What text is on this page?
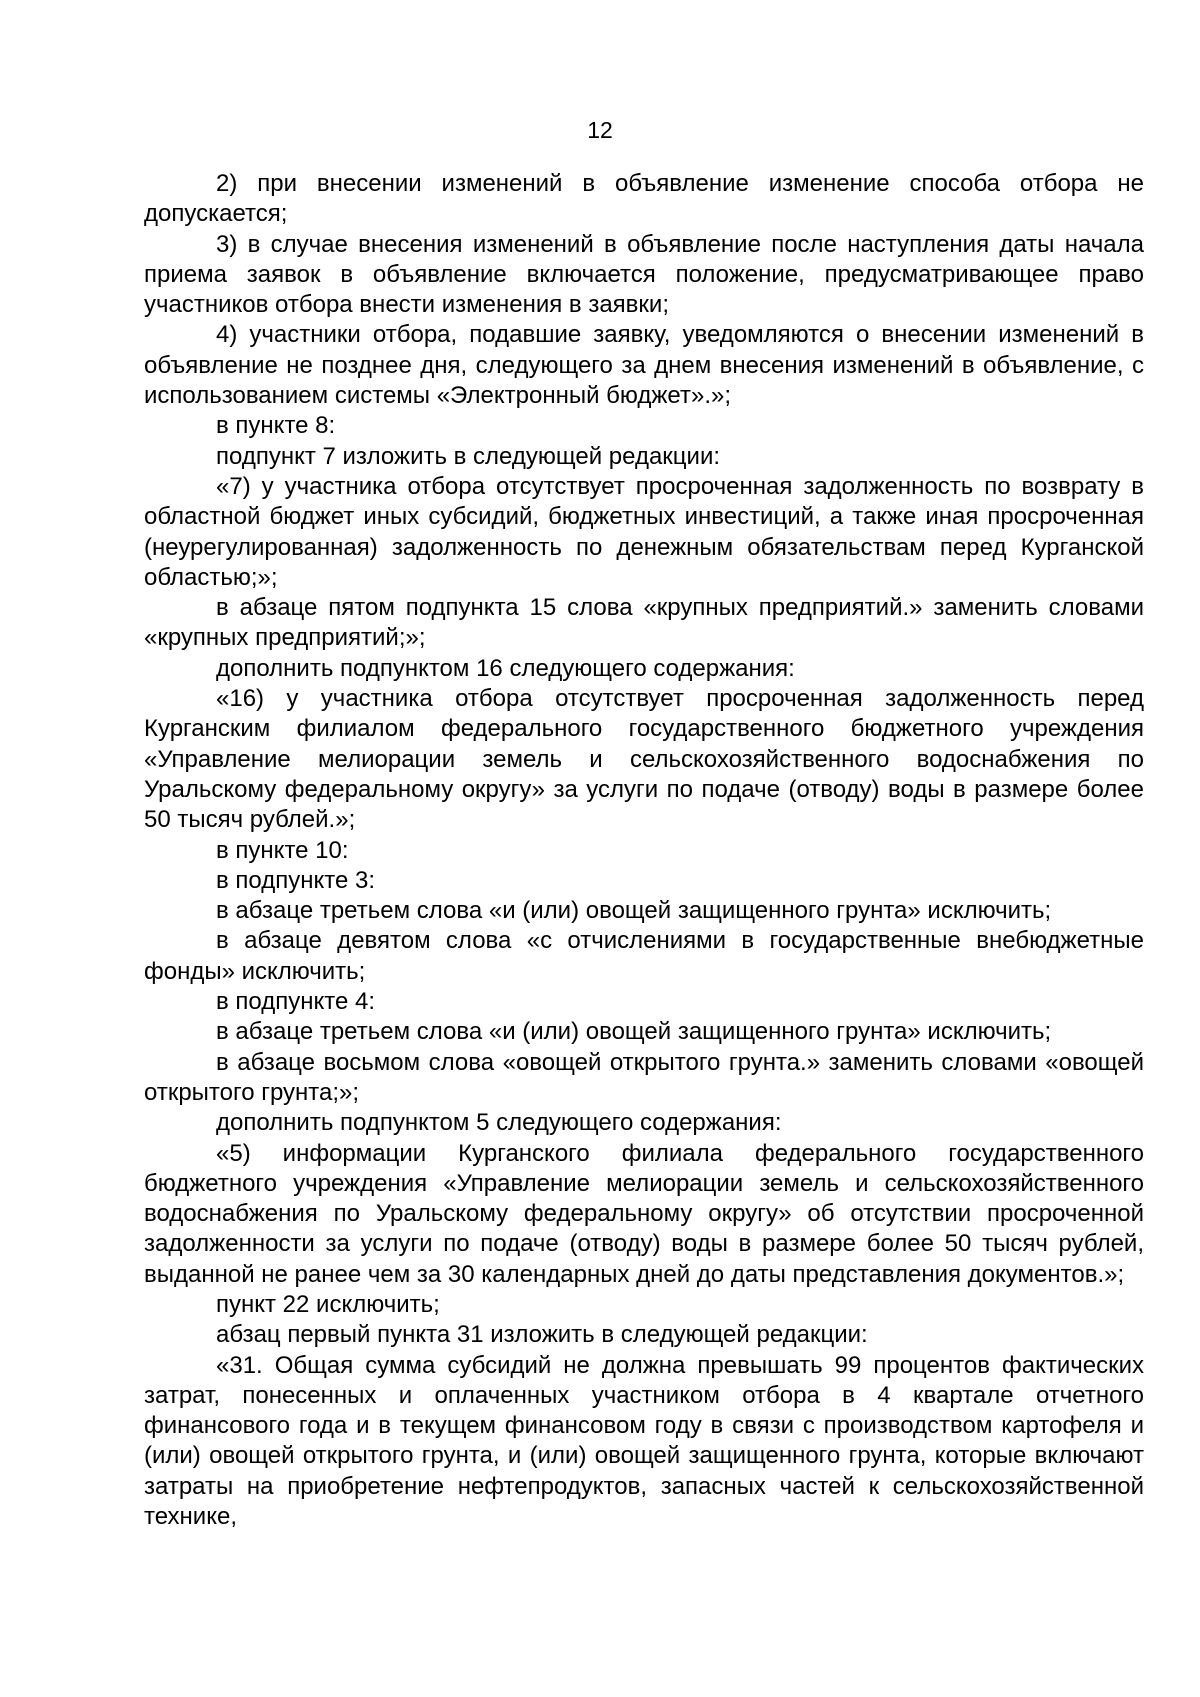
12

2) при внесении изменений в объявление изменение способа отбора не допускается;

3) в случае внесения изменений в объявление после наступления даты начала приема заявок в объявление включается положение, предусматривающее право участников отбора внести изменения в заявки;

4) участники отбора, подавшие заявку, уведомляются о внесении изменений в объявление не позднее дня, следующего за днем внесения изменений в объявление, с использованием системы «Электронный бюджет».»;

в пункте 8:

подпункт 7 изложить в следующей редакции:

«7) у участника отбора отсутствует просроченная задолженность по возврату в областной бюджет иных субсидий, бюджетных инвестиций, а также иная просроченная (неурегулированная) задолженность по денежным обязательствам перед Курганской областью;»;

в абзаце пятом подпункта 15 слова «крупных предприятий.» заменить словами «крупных предприятий;»;

дополнить подпунктом 16 следующего содержания:

«16) у участника отбора отсутствует просроченная задолженность перед Курганским филиалом федерального государственного бюджетного учреждения «Управление мелиорации земель и сельскохозяйственного водоснабжения по Уральскому федеральному округу» за услуги по подаче (отводу) воды в размере более 50 тысяч рублей.»;

в пункте 10:

в подпункте 3:

в абзаце третьем слова «и (или) овощей защищенного грунта» исключить;

в абзаце девятом слова «с отчислениями в государственные внебюджетные фонды» исключить;

в подпункте 4:

в абзаце третьем слова «и (или) овощей защищенного грунта» исключить;

в абзаце восьмом слова «овощей открытого грунта.» заменить словами «овощей открытого грунта;»;

дополнить подпунктом 5 следующего содержания:

«5) информации Курганского филиала федерального государственного бюджетного учреждения «Управление мелиорации земель и сельскохозяйственного водоснабжения по Уральскому федеральному округу» об отсутствии просроченной задолженности за услуги по подаче (отводу) воды в размере более 50 тысяч рублей, выданной не ранее чем за 30 календарных дней до даты представления документов.»;

пункт 22 исключить;

абзац первый пункта 31 изложить в следующей редакции:

«31. Общая сумма субсидий не должна превышать 99 процентов фактических затрат, понесенных и оплаченных участником отбора в 4 квартале отчетного финансового года и в текущем финансовом году в связи с производством картофеля и (или) овощей открытого грунта, и (или) овощей защищенного грунта, которые включают затраты на приобретение нефтепродуктов, запасных частей к сельскохозяйственной технике,
